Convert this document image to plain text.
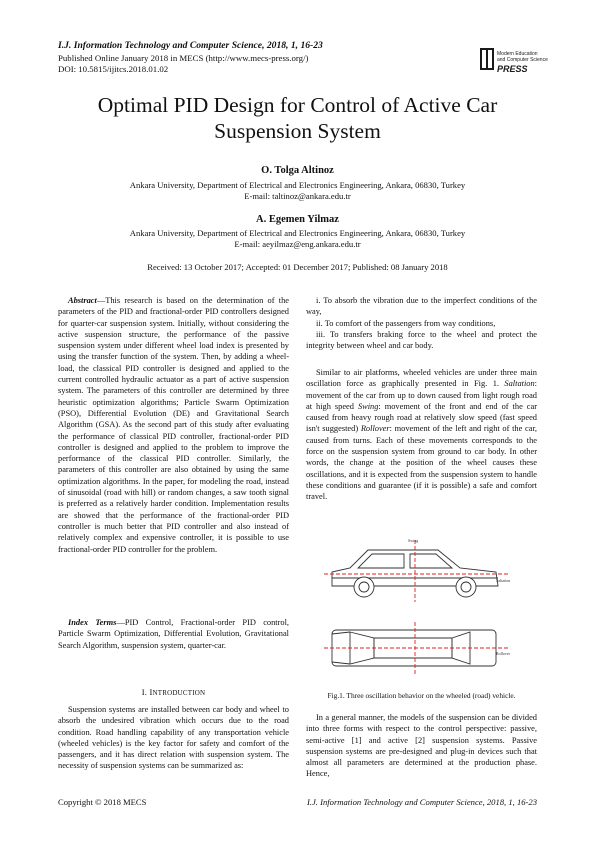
I.J. Information Technology and Computer Science, 2018, 1, 16-23
Published Online January 2018 in MECS (http://www.mecs-press.org/)
DOI: 10.5815/ijitcs.2018.01.02
Modern Education
and Computer Science
PRESS
Optimal PID Design for Control of Active Car
Suspension System
O. Tolga Altinoz
Ankara University, Department of Electrical and Electronics Engineering, Ankara, 06830, Turkey
E-mail: taltinoz@ankara.edu.tr
A. Egemen Yilmaz
Ankara University, Department of Electrical and Electronics Engineering, Ankara, 06830, Turkey
E-mail: aeyilmaz@eng.ankara.edu.tr
Received: 13 October 2017; Accepted: 01 December 2017; Published: 08 January 2018

Abstract—This research is based on the determination of the parameters of the PID and fractional-order PID controllers designed for quarter-car suspension system. Initially, without considering the active suspension structure, the performance of the passive suspension system under different wheel load index is presented by using the transfer function of the system. Then, by adding a wheel-load, the classical PID controller is designed and applied to the current controlled hydraulic actuator as a part of active suspension system. The parameters of this controller are determined by three heuristic optimization algorithms; Particle Swarm Optimization (PSO), Differential Evolution (DE) and Gravitational Search Algorithm (GSA). As the second part of this study after evaluating the performance of classical PID controller, fractional-order PID controller is designed and applied to the problem to improve the performance of the classical PID controller. Similarly, the parameters of this controller are also obtained by using the same optimization algorithms. In the paper, for modeling the road, instead of sinusoidal (road with hill) or random changes, a saw tooth signal is preferred as a relatively harder condition. Implementation results are showed that the performance of the fractional-order PID controller is much better that PID controller and also instead of relatively complex and expensive controller, it is possible to use fractional-order PID controller for the problem.

Index Terms—PID Control, Fractional-order PID control, Particle Swarm Optimization, Differential Evolution, Gravitational Search Algorithm, suspension system, quarter-car.

I. INTRODUCTION

Suspension systems are installed between car body and wheel to absorb the undesired vibration which occurs due to the road condition. Road handling capability of any transportation vehicle (wheeled vehicles) is the key factor for safety and comfort of the passengers, and it has direct relation with suspension system. The necessity of suspension systems can be summarized as:

i. To absorb the vibration due to the imperfect conditions of the way,

ii. To comfort of the passengers from way conditions,

iii. To transfers braking force to the wheel and protect the integrity between wheel and car body.

Similar to air platforms, wheeled vehicles are under three main oscillation force as graphically presented in Fig. 1. Saltation: movement of the car from up to down caused from light rough road at high speed Swing: movement of the front and end of the car caused from heavy rough road at relatively slow speed (fast speed isn't suggested) Rollover: movement of the left and right of the car, caused from turns. Each of these movements corresponds to the force on the suspension system from ground to car body. In other words, the change at the position of the wheel causes these oscillations, and it is expected from the suspension system to handle these conditions and guarantee (if it is possible) a safe and comfort travel.

Swing
Saltation
Rollover
Fig.1. Three oscillation behavior on the wheeled (road) vehicle.

In a general manner, the models of the suspension can be divided into three forms with respect to the control perspective: passive, semi-active [1] and active [2] suspension systems. Passive suspension systems are pre-designed and plug-in devices such that almost all parameters are determined at the production phase. Hence,

Copyright © 2018 MECS	I.J. Information Technology and Computer Science, 2018, 1, 16-23
